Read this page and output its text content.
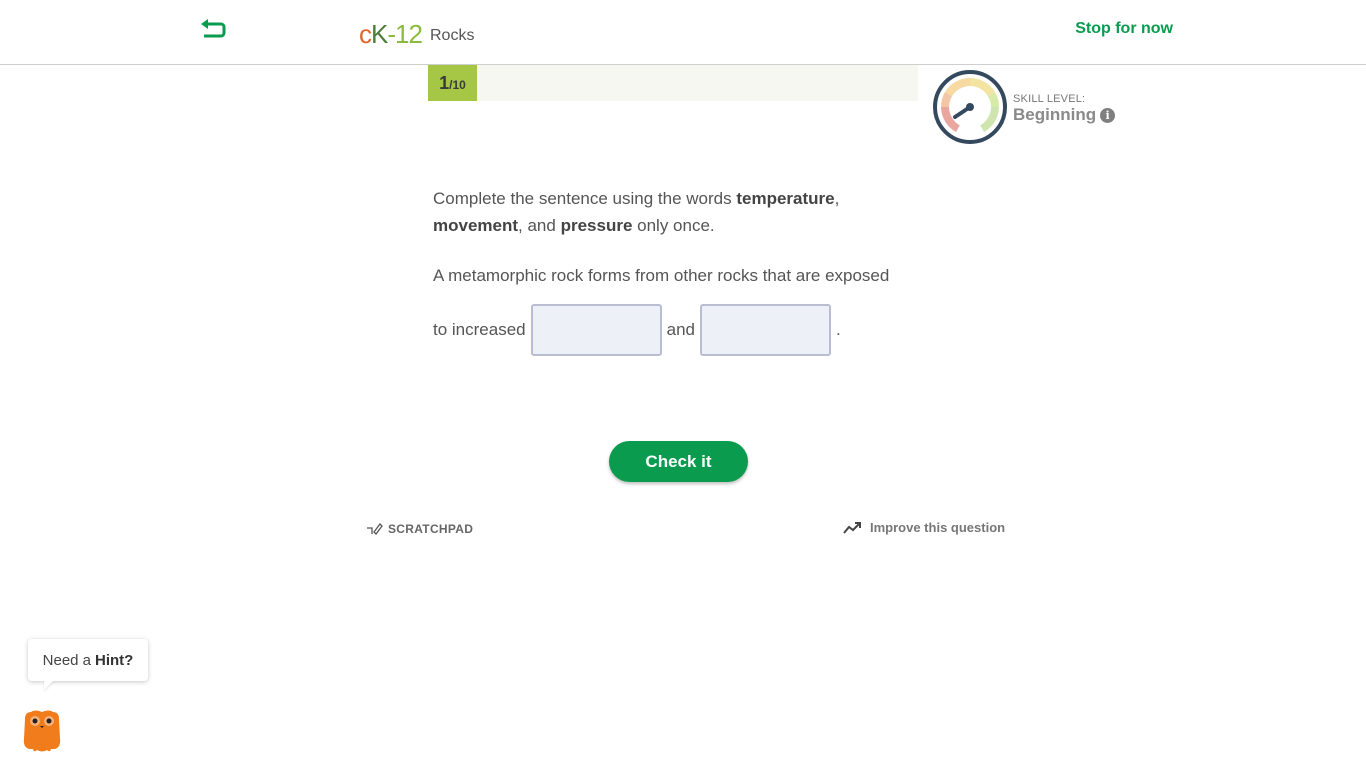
cK-12 Rocks	Stop for now
1 /10
SKILL LEVEL:
Beginning i
Complete the sentence using the words temperature,
movement, and pressure only once.
A metamorphic rock forms from other rocks that are exposed
to increased	and	.
Check it
SCRATCHPAD	Improve this question
Need a Hint?
